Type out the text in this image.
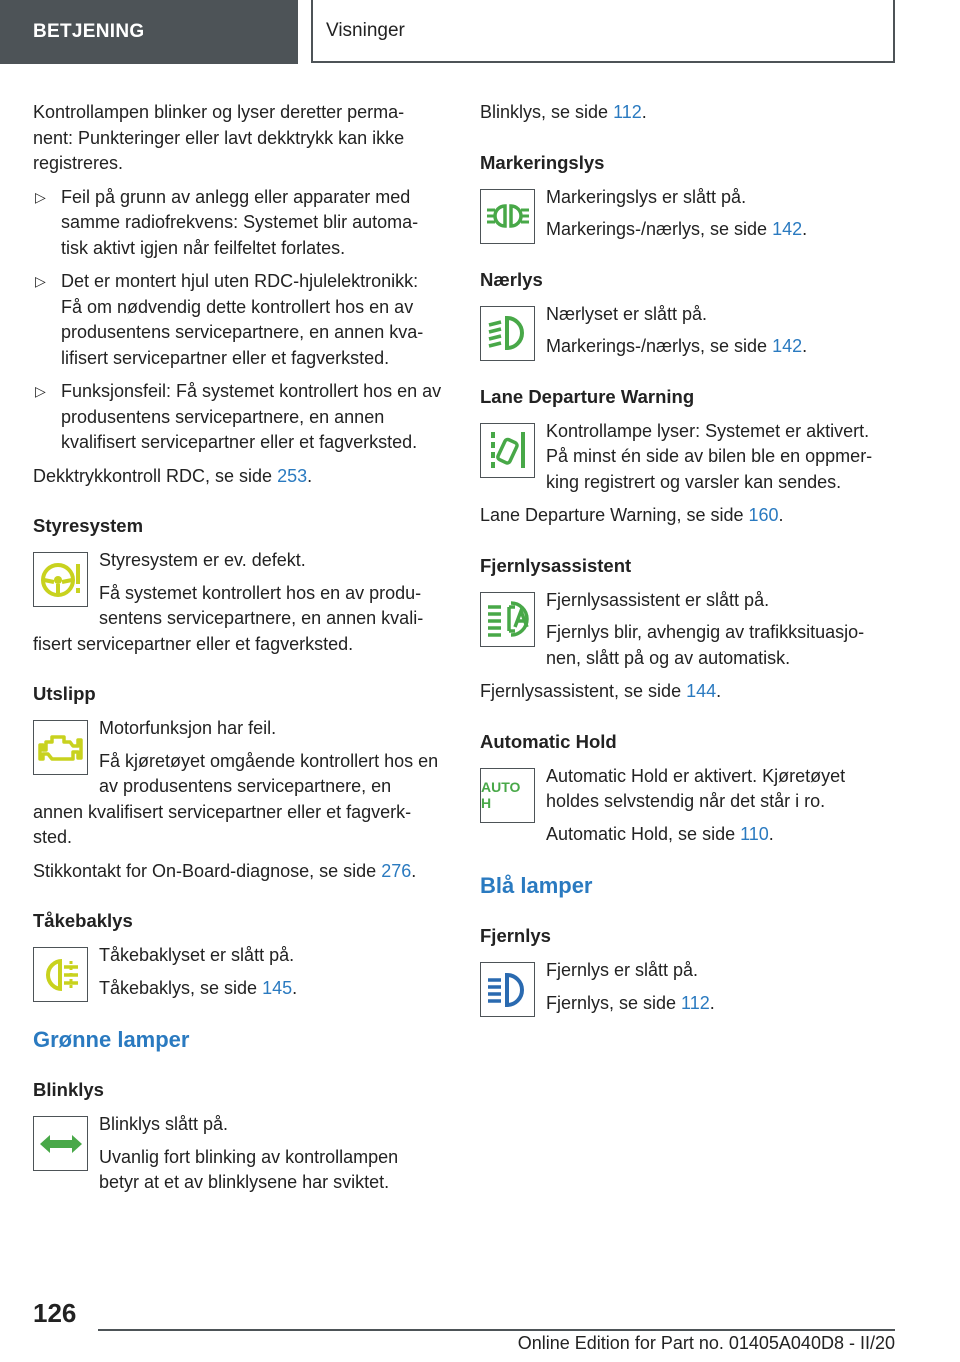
BETJENING	Visninger

Kontrollampen blinker og lyser deretter perma-nent: Punkteringer eller lavt dekktrykk kan ikke registreres.

▷ Feil på grunn av anlegg eller apparater med samme radiofrekvens: Systemet blir automa-tisk aktivt igjen når feilfeltet forlates.
▷ Det er montert hjul uten RDC-hjulelektronikk: Få om nødvendig dette kontrollert hos en av produsentens servicepartnere, en annen kva-lifisert servicepartner eller et fagverksted.
▷ Funksjonsfeil: Få systemet kontrollert hos en av produsentens servicepartnere, en annen kvalifisert servicepartner eller et fagverksted.

Dekktrykkontroll RDC, se side 253.

Styresystem

Styresystem er ev. defekt.

Få systemet kontrollert hos en av produ-sentens servicepartnere, en annen kvali-fisert servicepartner eller et fagverksted.

Utslipp

Motorfunksjon har feil.

Få kjøretøyet omgående kontrollert hos en av produsentens servicepartnere, en annen kvalifisert servicepartner eller et fagverk-sted.

Stikkontakt for On-Board-diagnose, se side 276.

Tåkebaklys

Tåkebaklyset er slått på.

Tåkebaklys, se side 145.

Grønne lamper
Blinklys

Blinklys slått på.

Uvanlig fort blinking av kontrollampen betyr at et av blinklysene har sviktet.

Blinklys, se side 112.

Markeringslys

Markeringslys er slått på.

Markerings-/nærlys, se side 142.

Nærlys

Nærlyset er slått på.

Markerings-/nærlys, se side 142.

Lane Departure Warning

Kontrollampe lyser: Systemet er aktivert. På minst én side av bilen ble en oppmer-king registrert og varsler kan sendes.

Lane Departure Warning, se side 160.

Fjernlysassistent

Fjernlysassistent er slått på.

Fjernlys blir, avhengig av trafikksituasjo-nen, slått på og av automatisk.

Fjernlysassistent, se side 144.

Automatic Hold
AUTO H

Automatic Hold er aktivert. Kjøretøyet holdes selvstendig når det står i ro.

Automatic Hold, se side 110.

Blå lamper
Fjernlys

Fjernlys er slått på.

Fjernlys, se side 112.

126
Online Edition for Part no. 01405A040D8 - II/20
